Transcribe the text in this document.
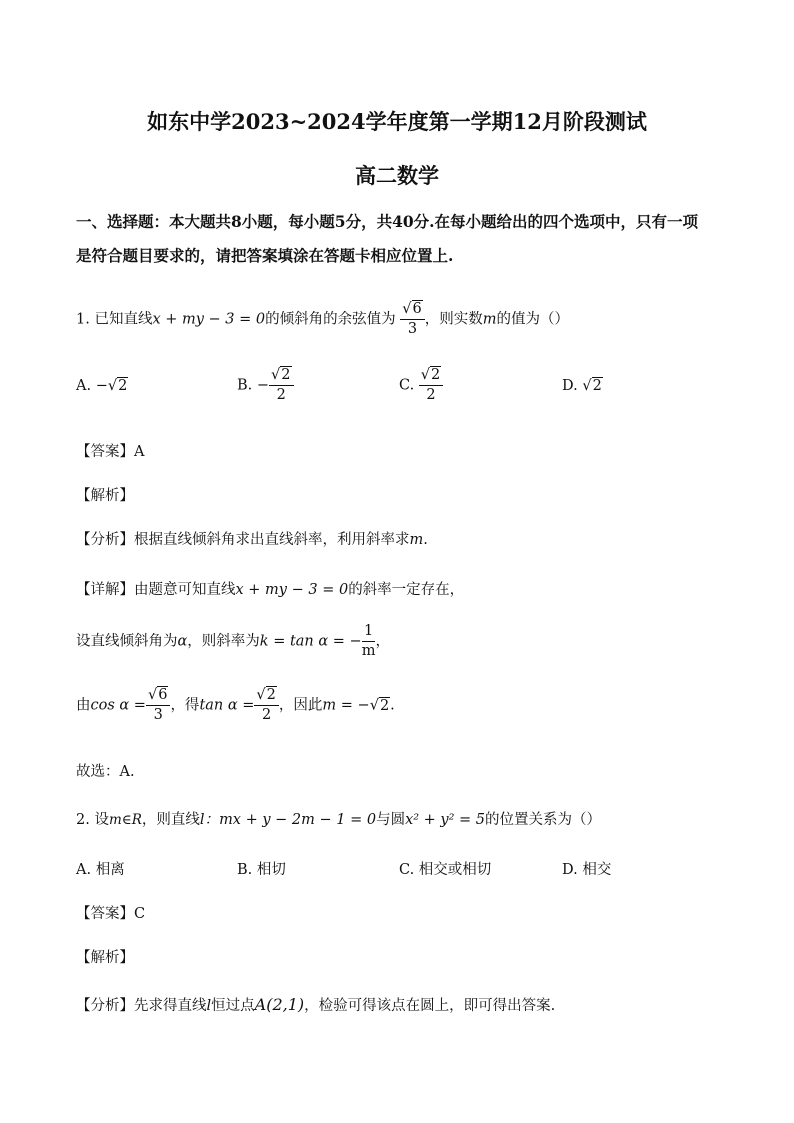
如东中学2023~2024学年度第一学期12月阶段测试
高二数学
一、选择题：本大题共8小题，每小题5分，共40分.在每小题给出的四个选项中，只有一项
是符合题目要求的，请把答案填涂在答题卡相应位置上.
1. 已知直线x + my − 3 = 0的倾斜角的余弦值为 $\frac{√6}{3}$ ，则实数m的值为（）
A. −√2	B. − $\frac{√2}{2}$	C. $\frac{√2}{2}$	D. √2
【答案】A
【解析】
【分析】根据直线倾斜角求出直线斜率，利用斜率求m.
【详解】由题意可知直线x + my − 3 = 0的斜率一定存在，
设直线倾斜角为α，则斜率为k = tan α = − $\frac{1}{m}$ ，
由$\cos \alpha = \frac{√6}{3}$ ，得$\tan \alpha = \frac{√2}{2}$ ，因此m = −√2.
故选：A.
2. 设m∈R，则直线l：mx + y − 2m − 1 = 0与圆x² + y² = 5的位置关系为（）
A. 相离	B. 相切	C. 相交或相切	D. 相交
【答案】C
【解析】
【分析】先求得直线l恒过点A(2,1)，检验可得该点在圆上，即可得出答案.
